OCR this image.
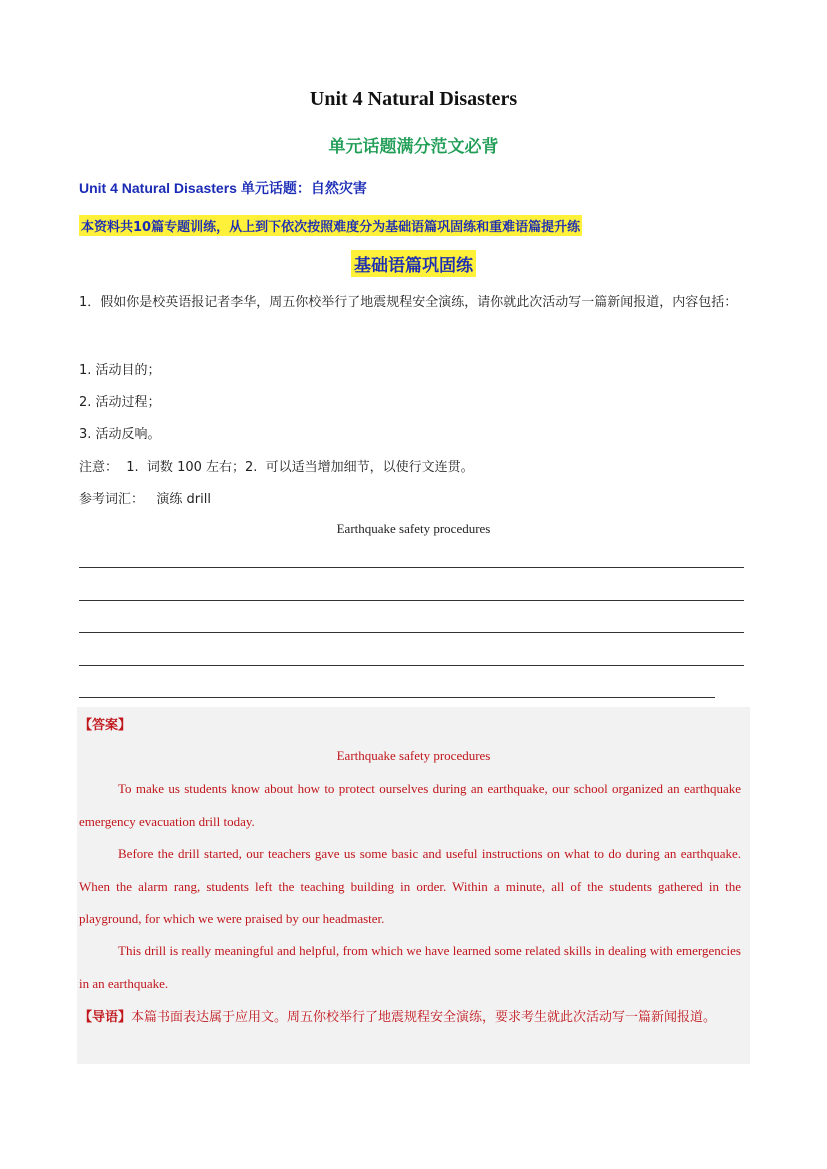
Unit 4 Natural Disasters
单元话题满分范文必背
Unit 4 Natural Disasters 单元话题：自然灾害
本资料共10篇专题训练，从上到下依次按照难度分为基础语篇巩固练和重难语篇提升练
基础语篇巩固练
1．假如你是校英语报记者李华，周五你校举行了地震规程安全演练，请你就此次活动写一篇新闻报道，内容包括：
1. 活动目的；
2. 活动过程；
3. 活动反响。
注意：  1.  词数 100 左右；2.  可以适当增加细节，以使行文连贯。
参考词汇：   演练 drill
Earthquake safety procedures
【答案】
Earthquake safety procedures
To make us students know about how to protect ourselves during an earthquake, our school organized an earthquake emergency evacuation drill today.
Before the drill started, our teachers gave us some basic and useful instructions on what to do during an earthquake. When the alarm rang, students left the teaching building in order. Within a minute, all of the students gathered in the playground, for which we were praised by our headmaster.
This drill is really meaningful and helpful, from which we have learned some related skills in dealing with emergencies in an earthquake.
【导语】本篇书面表达属于应用文。周五你校举行了地震规程安全演练，要求考生就此次活动写一篇新闻报道。
